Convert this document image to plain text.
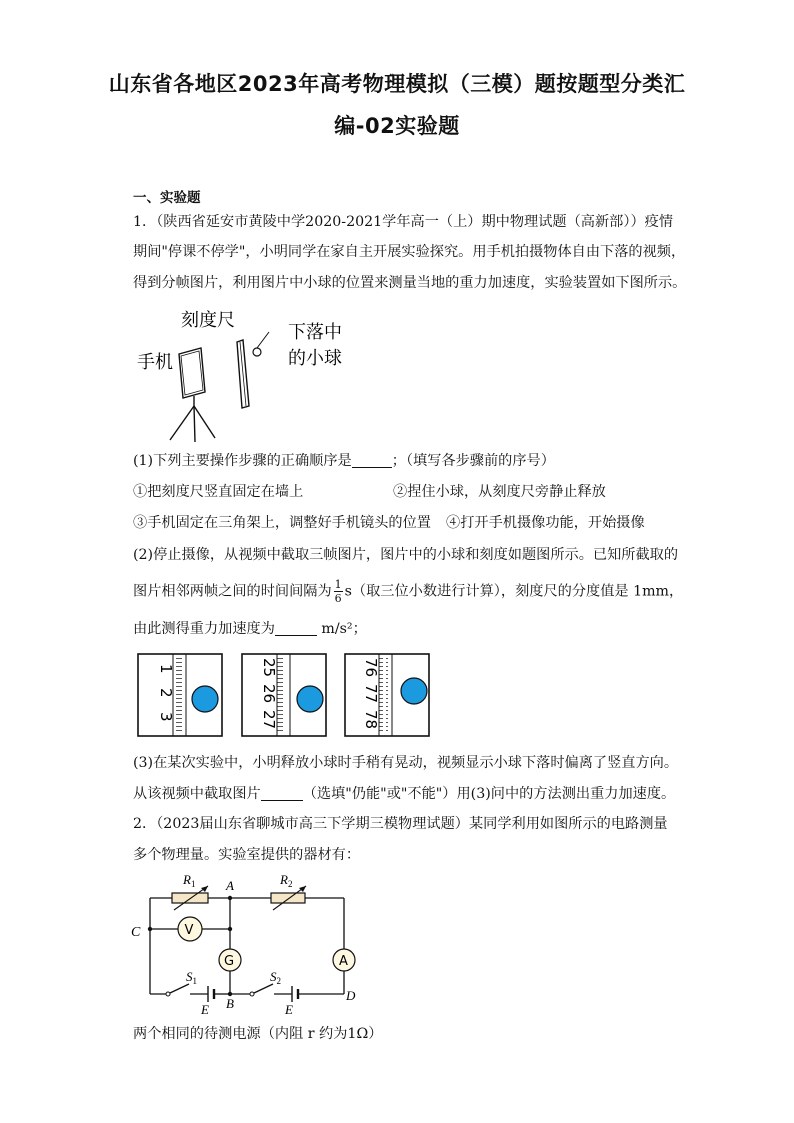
山东省各地区2023年高考物理模拟（三模）题按题型分类汇
编-02实验题
一、实验题
1．（陕西省延安市黄陵中学2020-2021学年高一（上）期中物理试题（高新部））疫情
期间"停课不停学"，小明同学在家自主开展实验探究。用手机拍摄物体自由下落的视频，
得到分帧图片，利用图片中小球的位置来测量当地的重力加速度，实验装置如下图所示。
刻度尺
手机
下落中
的小球
(1)下列主要操作步骤的正确顺序是	；（填写各步骤前的序号）
①把刻度尺竖直固定在墙上	②捏住小球，从刻度尺旁静止释放
③手机固定在三角架上，调整好手机镜头的位置 ④打开手机摄像功能，开始摄像
(2)停止摄像，从视频中截取三帧图片，图片中的小球和刻度如题图所示。已知所截取的
图片相邻两帧之间的时间间隔为 $\frac{1}{6} s$（取三位小数进行计算），刻度尺的分度值是 1mm，
由此测得重力加速度为	m/s²；
1
2
3
25
26
27
76
77
78
(3)在某次实验中，小明释放小球时手稍有晃动，视频显示小球下落时偏离了竖直方向。
从该视频中截取图片	（选填"仍能"或"不能"）用(3)问中的方法测出重力加速度。
2．（2023届山东省聊城市高三下学期三模物理试题）某同学利用如图所示的电路测量
多个物理量。实验室提供的器材有：
V
G	A
$R_1$	$R_2$
A
C
B
D
E	E
$S_1$	$S_2$
两个相同的待测电源（内阻 r 约为1Ω）
